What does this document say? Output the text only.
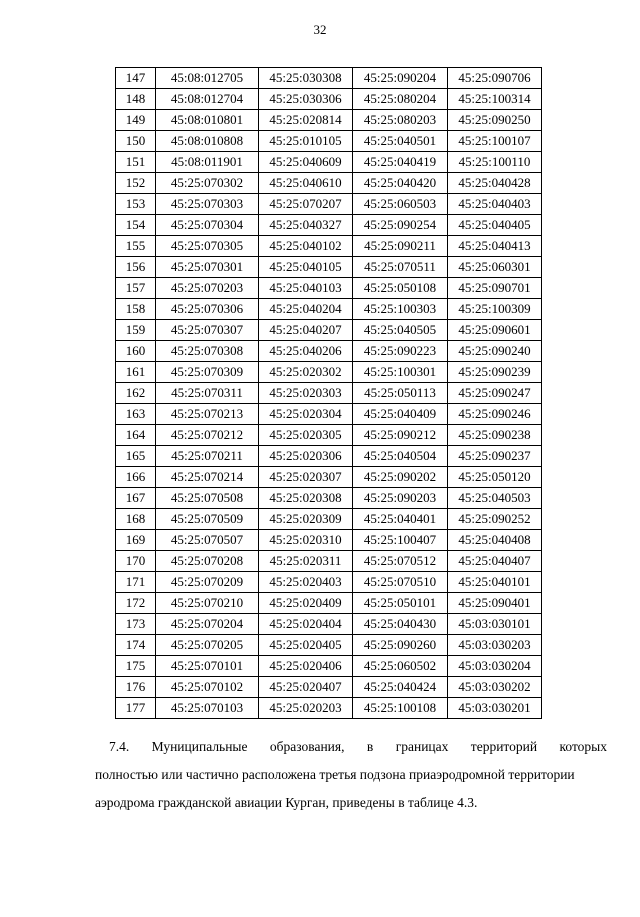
32
147	45:08:012705	45:25:030308	45:25:090204	45:25:090706
148	45:08:012704	45:25:030306	45:25:080204	45:25:100314
149	45:08:010801	45:25:020814	45:25:080203	45:25:090250
150	45:08:010808	45:25:010105	45:25:040501	45:25:100107
151	45:08:011901	45:25:040609	45:25:040419	45:25:100110
152	45:25:070302	45:25:040610	45:25:040420	45:25:040428
153	45:25:070303	45:25:070207	45:25:060503	45:25:040403
154	45:25:070304	45:25:040327	45:25:090254	45:25:040405
155	45:25:070305	45:25:040102	45:25:090211	45:25:040413
156	45:25:070301	45:25:040105	45:25:070511	45:25:060301
157	45:25:070203	45:25:040103	45:25:050108	45:25:090701
158	45:25:070306	45:25:040204	45:25:100303	45:25:100309
159	45:25:070307	45:25:040207	45:25:040505	45:25:090601
160	45:25:070308	45:25:040206	45:25:090223	45:25:090240
161	45:25:070309	45:25:020302	45:25:100301	45:25:090239
162	45:25:070311	45:25:020303	45:25:050113	45:25:090247
163	45:25:070213	45:25:020304	45:25:040409	45:25:090246
164	45:25:070212	45:25:020305	45:25:090212	45:25:090238
165	45:25:070211	45:25:020306	45:25:040504	45:25:090237
166	45:25:070214	45:25:020307	45:25:090202	45:25:050120
167	45:25:070508	45:25:020308	45:25:090203	45:25:040503
168	45:25:070509	45:25:020309	45:25:040401	45:25:090252
169	45:25:070507	45:25:020310	45:25:100407	45:25:040408
170	45:25:070208	45:25:020311	45:25:070512	45:25:040407
171	45:25:070209	45:25:020403	45:25:070510	45:25:040101
172	45:25:070210	45:25:020409	45:25:050101	45:25:090401
173	45:25:070204	45:25:020404	45:25:040430	45:03:030101
174	45:25:070205	45:25:020405	45:25:090260	45:03:030203
175	45:25:070101	45:25:020406	45:25:060502	45:03:030204
176	45:25:070102	45:25:020407	45:25:040424	45:03:030202
177	45:25:070103	45:25:020203	45:25:100108	45:03:030201
7.4. Муниципальные образования, в границах территорий которых
полностью или частично расположена третья подзона приаэродромной территории
аэродрома гражданской авиации Курган, приведены в таблице 4.3.
